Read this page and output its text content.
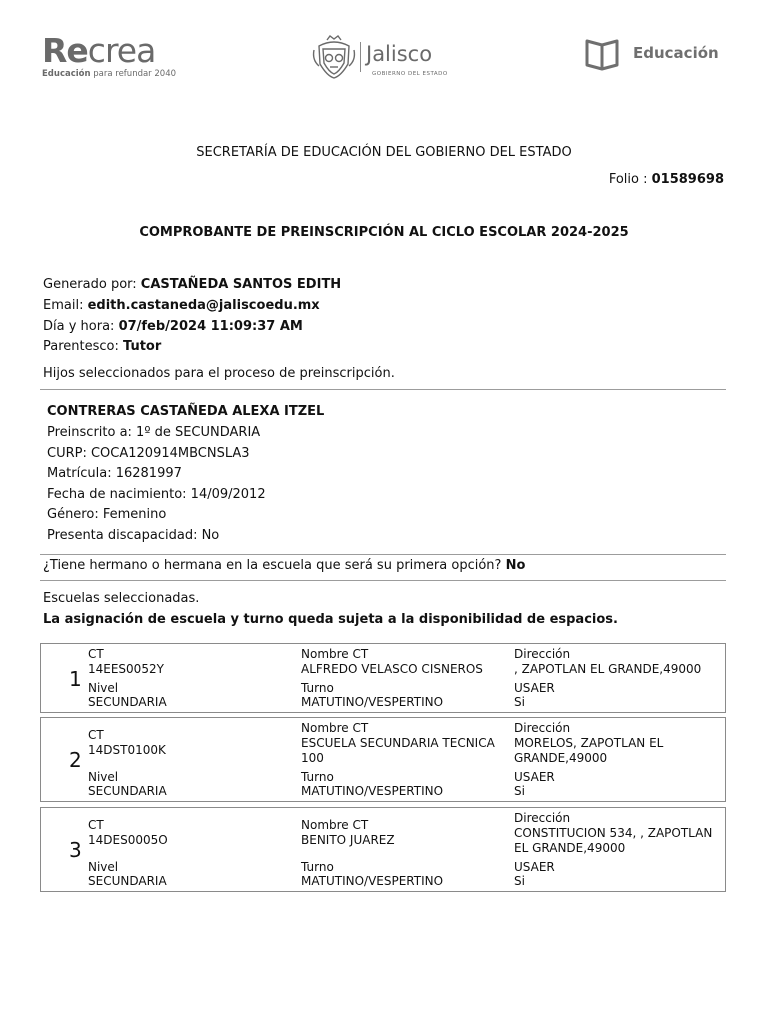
Recrea
Educación para refundar 2040
Jalisco
GOBIERNO DEL ESTADO
Educación
SECRETARÍA DE EDUCACIÓN DEL GOBIERNO DEL ESTADO
Folio : 01589698
COMPROBANTE DE PREINSCRIPCIÓN AL CICLO ESCOLAR 2024-2025
Generado por: CASTAÑEDA SANTOS EDITH
Email: edith.castaneda@jaliscoedu.mx
Día y hora: 07/feb/2024 11:09:37 AM
Parentesco: Tutor
Hijos seleccionados para el proceso de preinscripción.
CONTRERAS CASTAÑEDA ALEXA ITZEL
Preinscrito a: 1º de SECUNDARIA
CURP: COCA120914MBCNSLA3
Matrícula: 16281997
Fecha de nacimiento: 14/09/2012
Género: Femenino
Presenta discapacidad: No
¿Tiene hermano o hermana en la escuela que será su primera opción? No
Escuelas seleccionadas.
La asignación de escuela y turno queda sujeta a la disponibilidad de espacios.
1
CT
14EES0052Y
Nivel
SECUNDARIA
Nombre CT
ALFREDO VELASCO CISNEROS
Turno
MATUTINO/VESPERTINO
Dirección
, ZAPOTLAN EL GRANDE,49000
USAER
Si
2
CT
14DST0100K
Nivel
SECUNDARIA
Nombre CT
ESCUELA SECUNDARIA TECNICA
100
Turno
MATUTINO/VESPERTINO
Dirección
MORELOS, ZAPOTLAN EL
GRANDE,49000
USAER
Si
3
CT
14DES0005O
Nivel
SECUNDARIA
Nombre CT
BENITO JUAREZ
Turno
MATUTINO/VESPERTINO
Dirección
CONSTITUCION 534, , ZAPOTLAN
EL GRANDE,49000
USAER
Si
